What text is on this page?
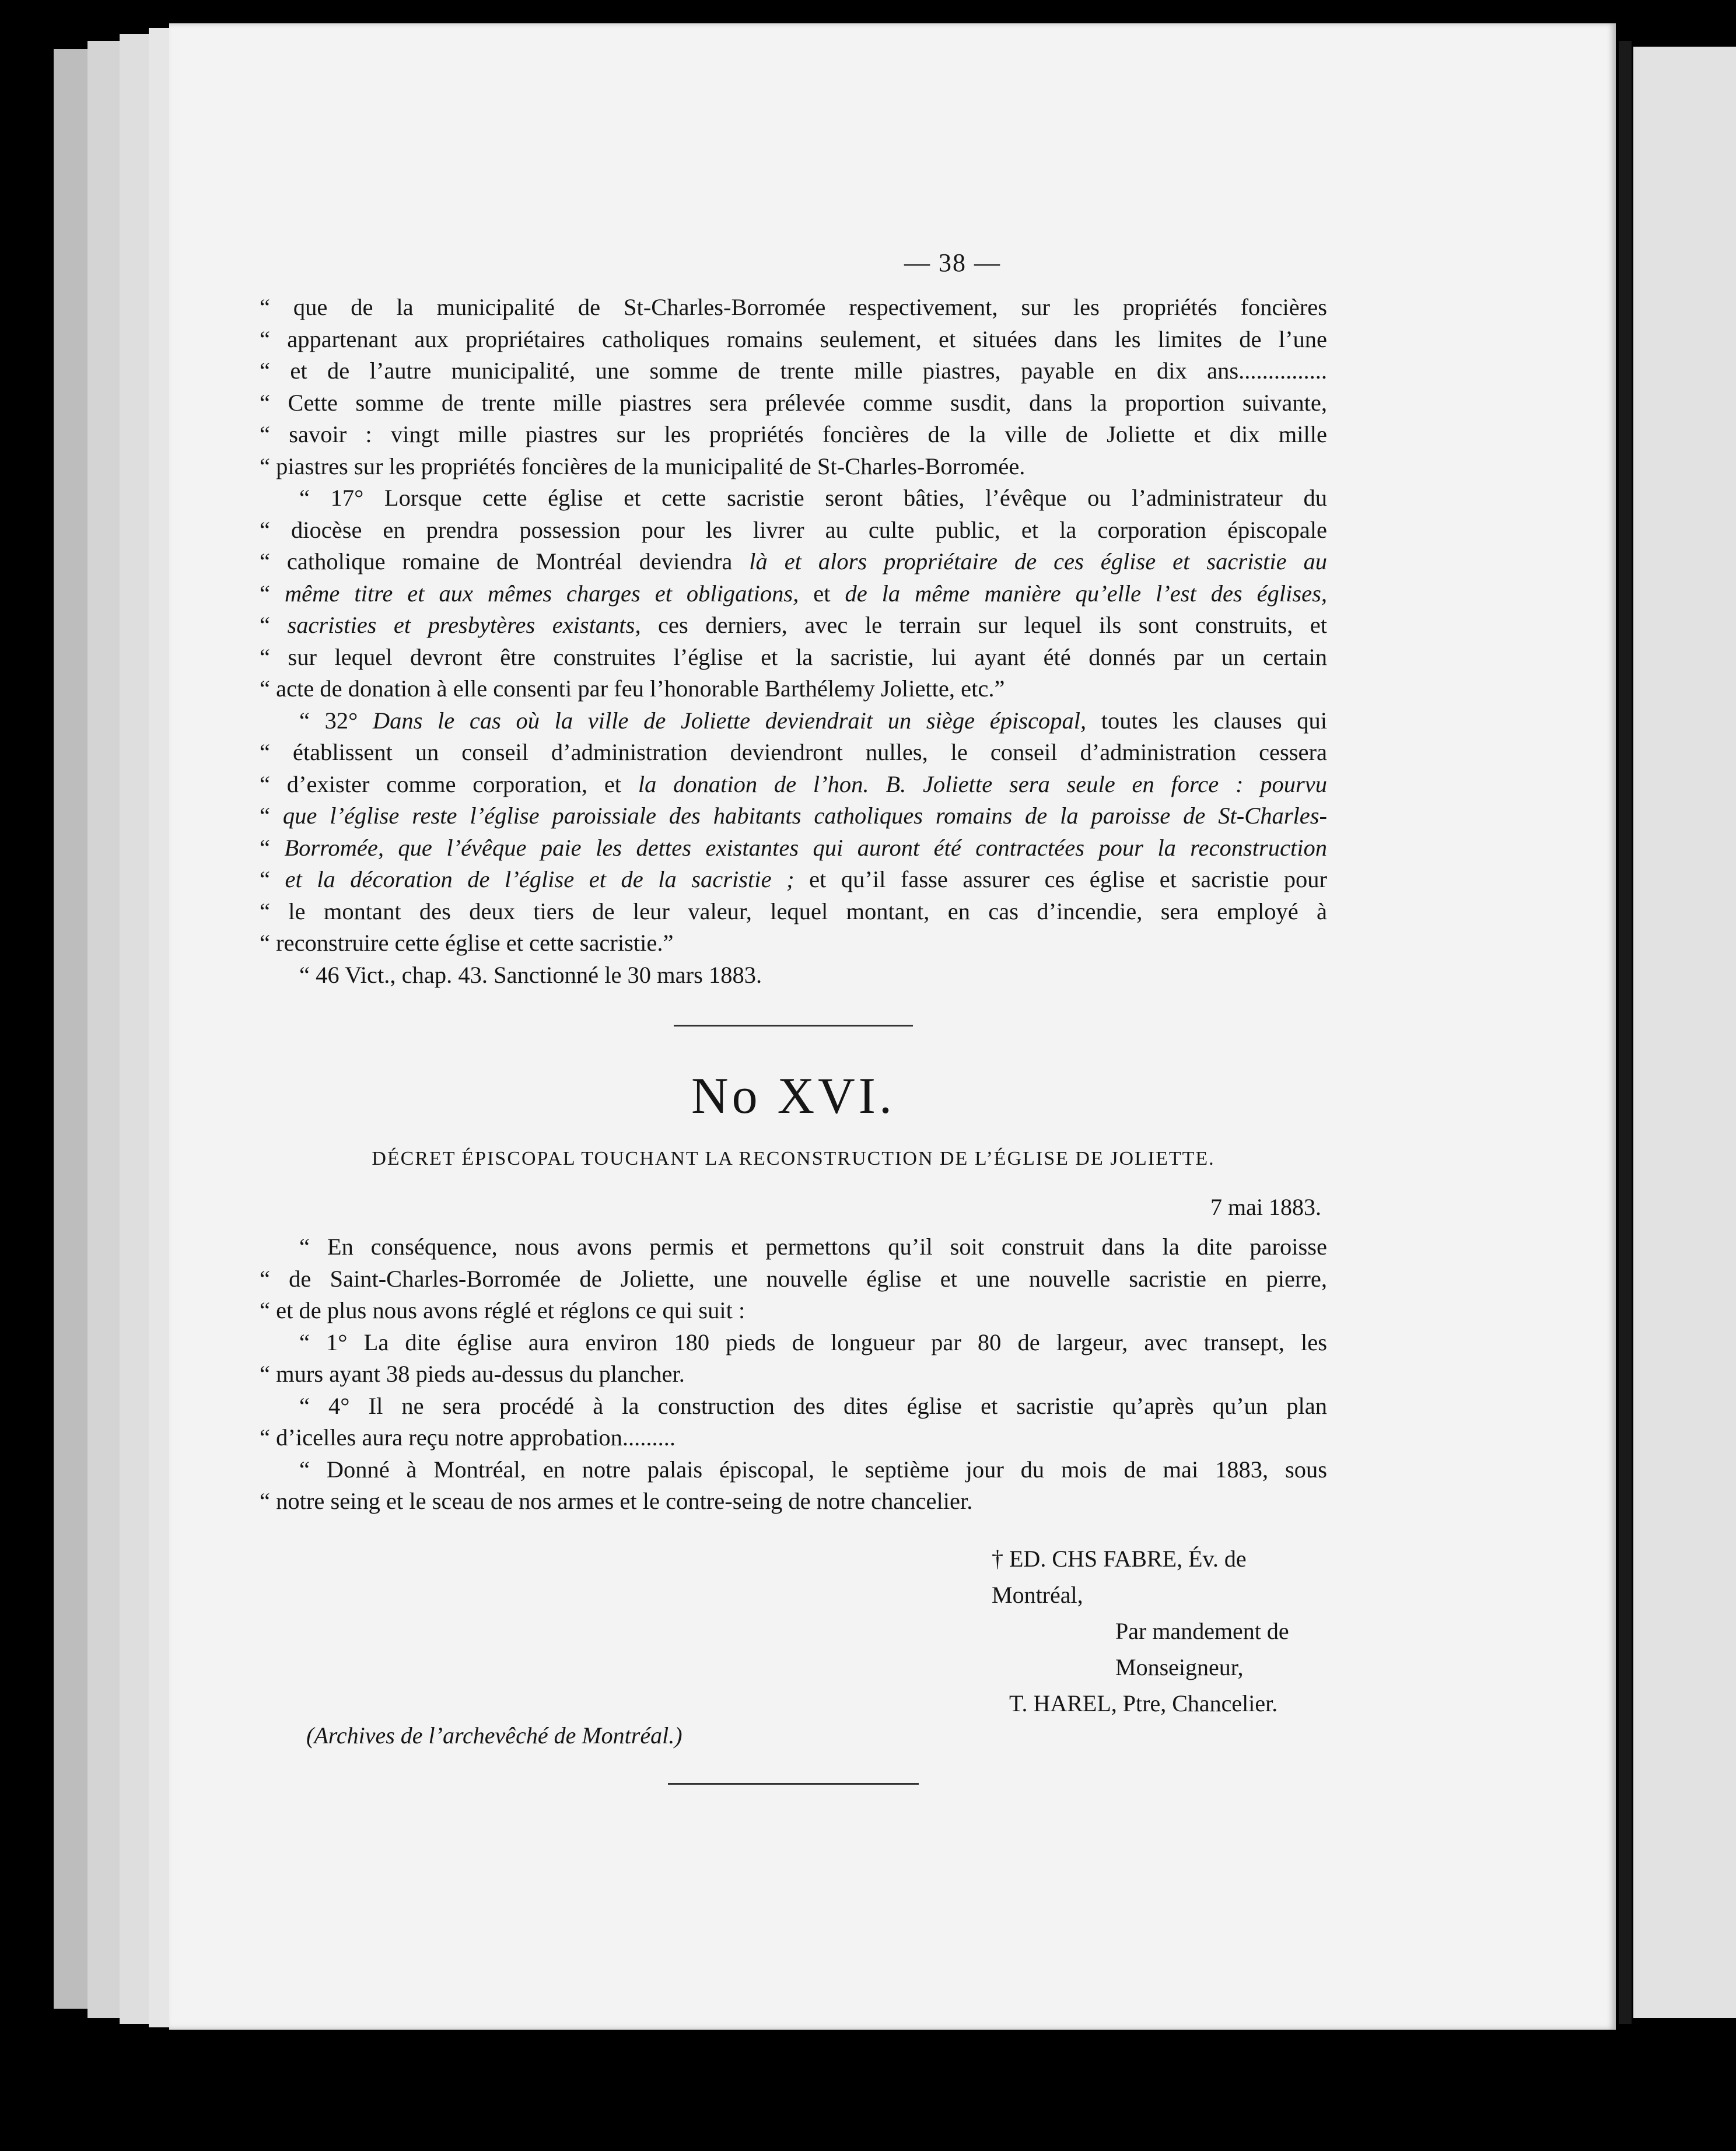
— 38 —
“ que de la municipalité de St-Charles-Borromée respectivement, sur les propriétés foncières
“ appartenant aux propriétaires catholiques romains seulement, et situées dans les limites de l’une
“ et de l’autre municipalité, une somme de trente mille piastres, payable en dix ans...............
“ Cette somme de trente mille piastres sera prélevée comme susdit, dans la proportion suivante,
“ savoir : vingt mille piastres sur les propriétés foncières de la ville de Joliette et dix mille
“ piastres sur les propriétés foncières de la municipalité de St-Charles-Borromée.
“ 17° Lorsque cette église et cette sacristie seront bâties, l’évêque ou l’administrateur du
“ diocèse en prendra possession pour les livrer au culte public, et la corporation épiscopale
“ catholique romaine de Montréal deviendra là et alors propriétaire de ces église et sacristie au
“ même titre et aux mêmes charges et obligations, et de la même manière qu’elle l’est des églises,
“ sacristies et presbytères existants, ces derniers, avec le terrain sur lequel ils sont construits, et
“ sur lequel devront être construites l’église et la sacristie, lui ayant été donnés par un certain
“ acte de donation à elle consenti par feu l’honorable Barthélemy Joliette, etc.”
“ 32° Dans le cas où la ville de Joliette deviendrait un siège épiscopal, toutes les clauses qui
“ établissent un conseil d’administration deviendront nulles, le conseil d’administration cessera
“ d’exister comme corporation, et la donation de l’hon. B. Joliette sera seule en force : pourvu
“ que l’église reste l’église paroissiale des habitants catholiques romains de la paroisse de St-Charles-
“ Borromée, que l’évêque paie les dettes existantes qui auront été contractées pour la reconstruction
“ et la décoration de l’église et de la sacristie ; et qu’il fasse assurer ces église et sacristie pour
“ le montant des deux tiers de leur valeur, lequel montant, en cas d’incendie, sera employé à
“ reconstruire cette église et cette sacristie.”
“ 46 Vict., chap. 43. Sanctionné le 30 mars 1883.
No XVI.
DÉCRET ÉPISCOPAL TOUCHANT LA RECONSTRUCTION DE L’ÉGLISE DE JOLIETTE.
7 mai 1883.
“ En conséquence, nous avons permis et permettons qu’il soit construit dans la dite paroisse
“ de Saint-Charles-Borromée de Joliette, une nouvelle église et une nouvelle sacristie en pierre,
“ et de plus nous avons réglé et réglons ce qui suit :
“ 1° La dite église aura environ 180 pieds de longueur par 80 de largeur, avec transept, les
“ murs ayant 38 pieds au-dessus du plancher.
“ 4° Il ne sera procédé à la construction des dites église et sacristie qu’après qu’un plan
“ d’icelles aura reçu notre approbation.........
“ Donné à Montréal, en notre palais épiscopal, le septième jour du mois de mai 1883, sous
“ notre seing et le sceau de nos armes et le contre-seing de notre chancelier.
† ED. CHS FABRE, Év. de Montréal,
Par mandement de Monseigneur,
T. HAREL, Ptre, Chancelier.
(Archives de l’archevêché de Montréal.)
